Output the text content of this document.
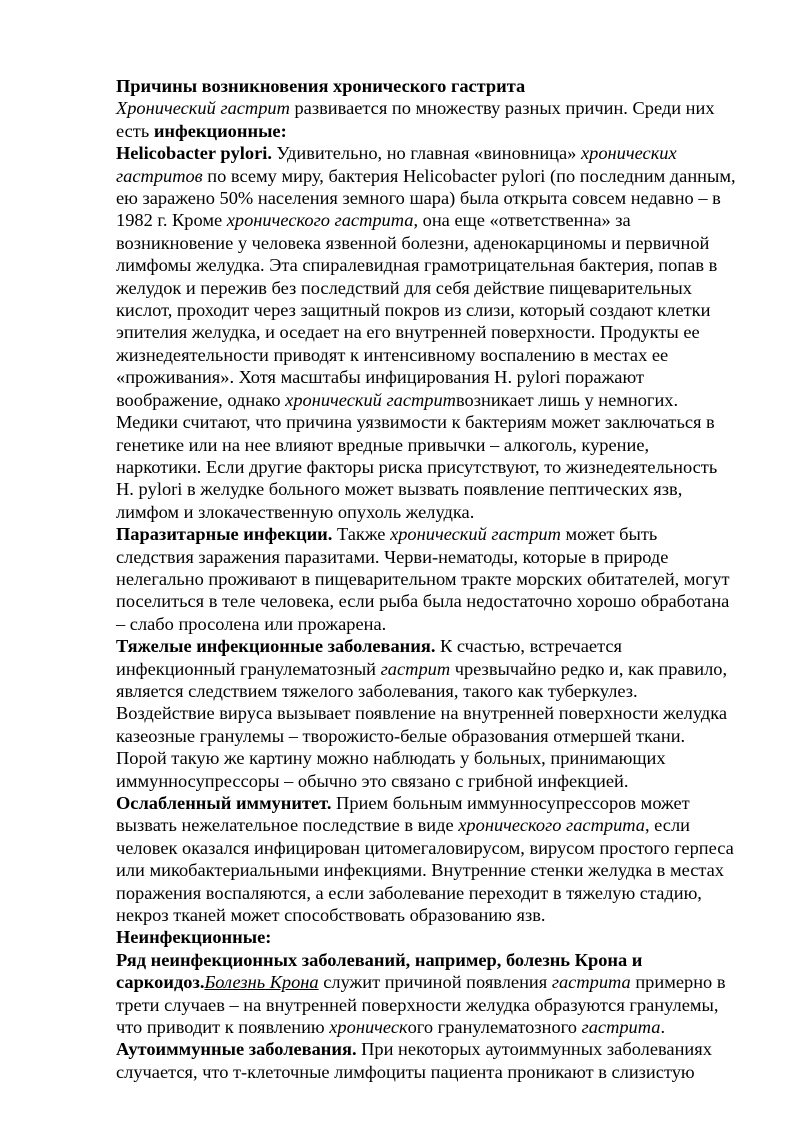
Причины возникновения хронического гастрита

Хронический гастрит развивается по множеству разных причин. Среди них есть инфекционные:

Helicobacter pylori. Удивительно, но главная «виновница» хронических гастритов по всему миру, бактерия Helicobacter pylori (по последним данным, ею заражено 50% населения земного шара) была открыта совсем недавно – в 1982 г. Кроме хронического гастрита, она еще «ответственна» за возникновение у человека язвенной болезни, аденокарциномы и первичной лимфомы желудка. Эта спиралевидная грамотрицательная бактерия, попав в желудок и пережив без последствий для себя действие пищеварительных кислот, проходит через защитный покров из слизи, который создают клетки эпителия желудка, и оседает на его внутренней поверхности. Продукты ее жизнедеятельности приводят к интенсивному воспалению в местах ее «проживания». Хотя масштабы инфицирования H. pylori поражают воображение, однако хронический гастритвозникает лишь у немногих. Медики считают, что причина уязвимости к бактериям может заключаться в генетике или на нее влияют вредные привычки – алкоголь, курение, наркотики. Если другие факторы риска присутствуют, то жизнедеятельность H. pylori в желудке больного может вызвать появление пептических язв, лимфом и злокачественную опухоль желудка.

Паразитарные инфекции. Также хронический гастрит может быть следствия заражения паразитами. Черви-нематоды, которые в природе нелегально проживают в пищеварительном тракте морских обитателей, могут поселиться в теле человека, если рыба была недостаточно хорошо обработана – слабо просолена или прожарена.

Тяжелые инфекционные заболевания. К счастью, встречается инфекционный гранулематозный гастрит чрезвычайно редко и, как правило, является следствием тяжелого заболевания, такого как туберкулез. Воздействие вируса вызывает появление на внутренней поверхности желудка казеозные гранулемы – творожисто-белые образования отмершей ткани. Порой такую же картину можно наблюдать у больных, принимающих иммунносупрессоры – обычно это связано с грибной инфекцией.

Ослабленный иммунитет. Прием больным иммунносупрессоров может вызвать нежелательное последствие в виде хронического гастрита, если человек оказался инфицирован цитомегаловирусом, вирусом простого герпеса или микобактериальными инфекциями. Внутренние стенки желудка в местах поражения воспаляются, а если заболевание переходит в тяжелую стадию, некроз тканей может способствовать образованию язв.

Неинфекционные:

Ряд неинфекционных заболеваний, например, болезнь Крона и саркоидоз.Болезнь Крона служит причиной появления гастрита примерно в трети случаев – на внутренней поверхности желудка образуются гранулемы, что приводит к появлению хронического гранулематозного гастрита.

Аутоиммунные заболевания. При некоторых аутоиммунных заболеваниях случается, что т-клеточные лимфоциты пациента проникают в слизистую
